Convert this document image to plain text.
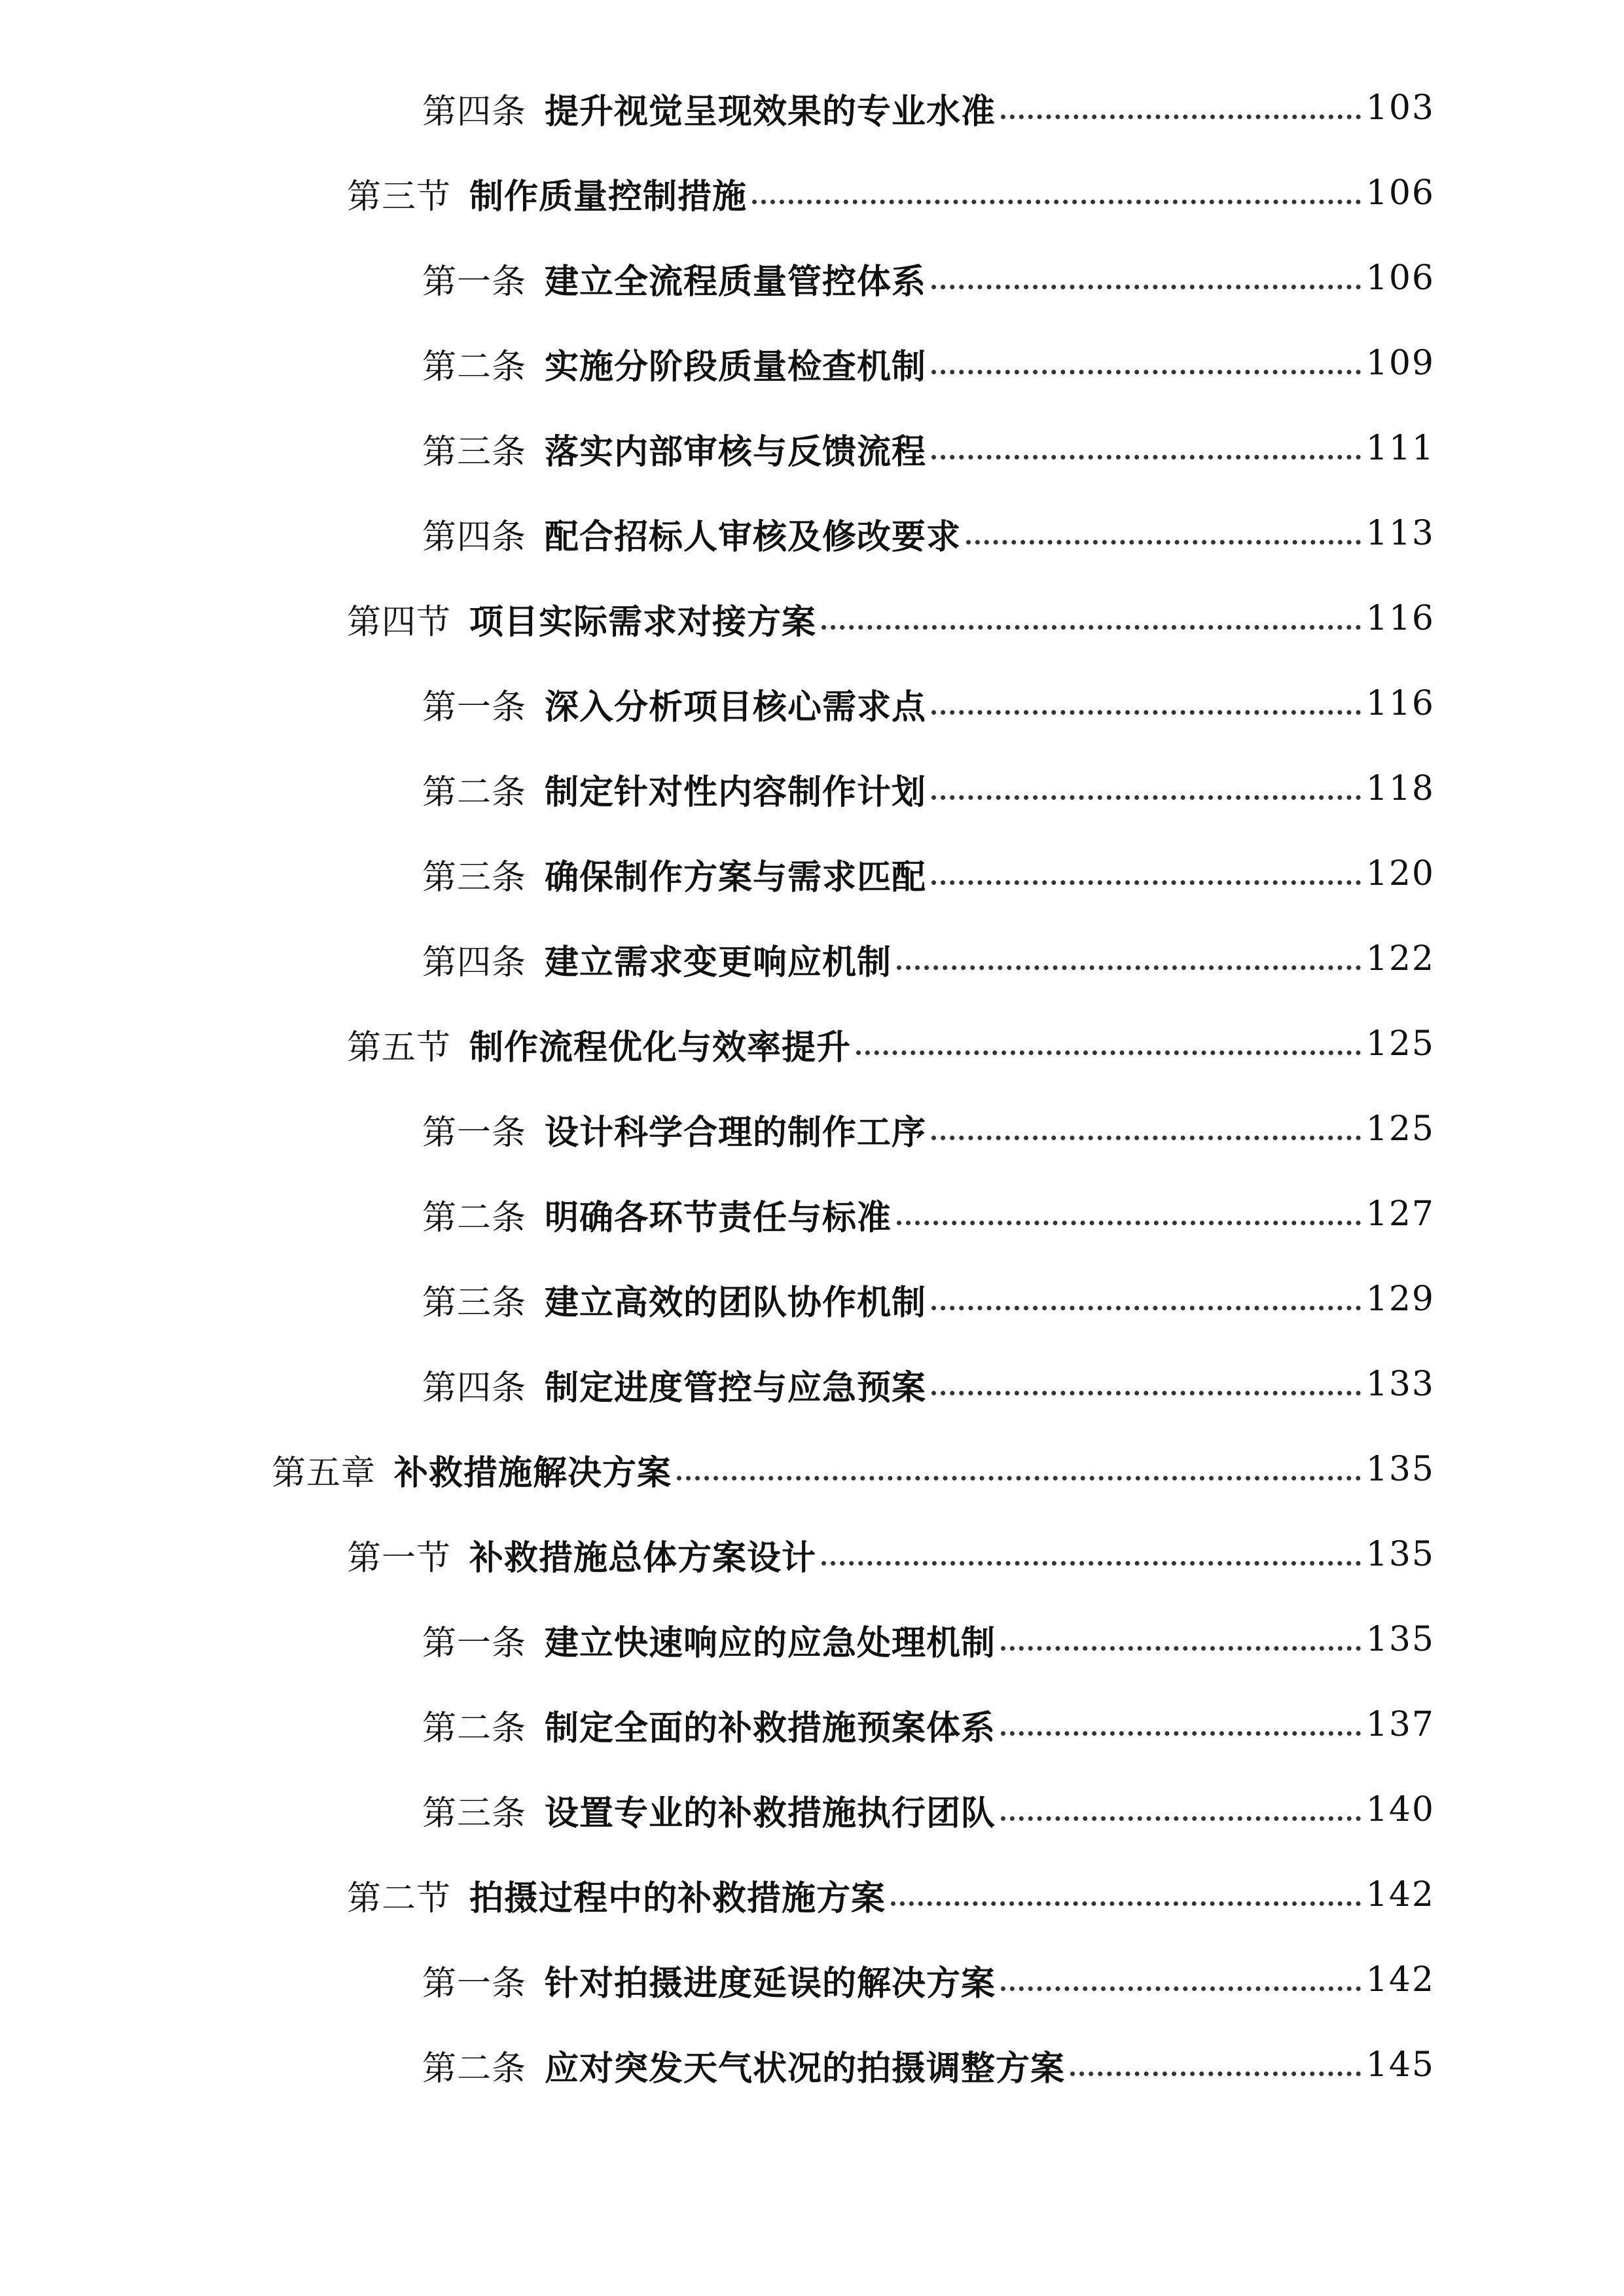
第四条 提升视觉呈现效果的专业水准	103
第三节 制作质量控制措施	106
第一条 建立全流程质量管控体系	106
第二条 实施分阶段质量检查机制	109
第三条 落实内部审核与反馈流程	111
第四条 配合招标人审核及修改要求	113
第四节 项目实际需求对接方案	116
第一条 深入分析项目核心需求点	116
第二条 制定针对性内容制作计划	118
第三条 确保制作方案与需求匹配	120
第四条 建立需求变更响应机制	122
第五节 制作流程优化与效率提升	125
第一条 设计科学合理的制作工序	125
第二条 明确各环节责任与标准	127
第三条 建立高效的团队协作机制	129
第四条 制定进度管控与应急预案	133
第五章 补救措施解决方案	135
第一节 补救措施总体方案设计	135
第一条 建立快速响应的应急处理机制	135
第二条 制定全面的补救措施预案体系	137
第三条 设置专业的补救措施执行团队	140
第二节 拍摄过程中的补救措施方案	142
第一条 针对拍摄进度延误的解决方案	142
第二条 应对突发天气状况的拍摄调整方案	145
